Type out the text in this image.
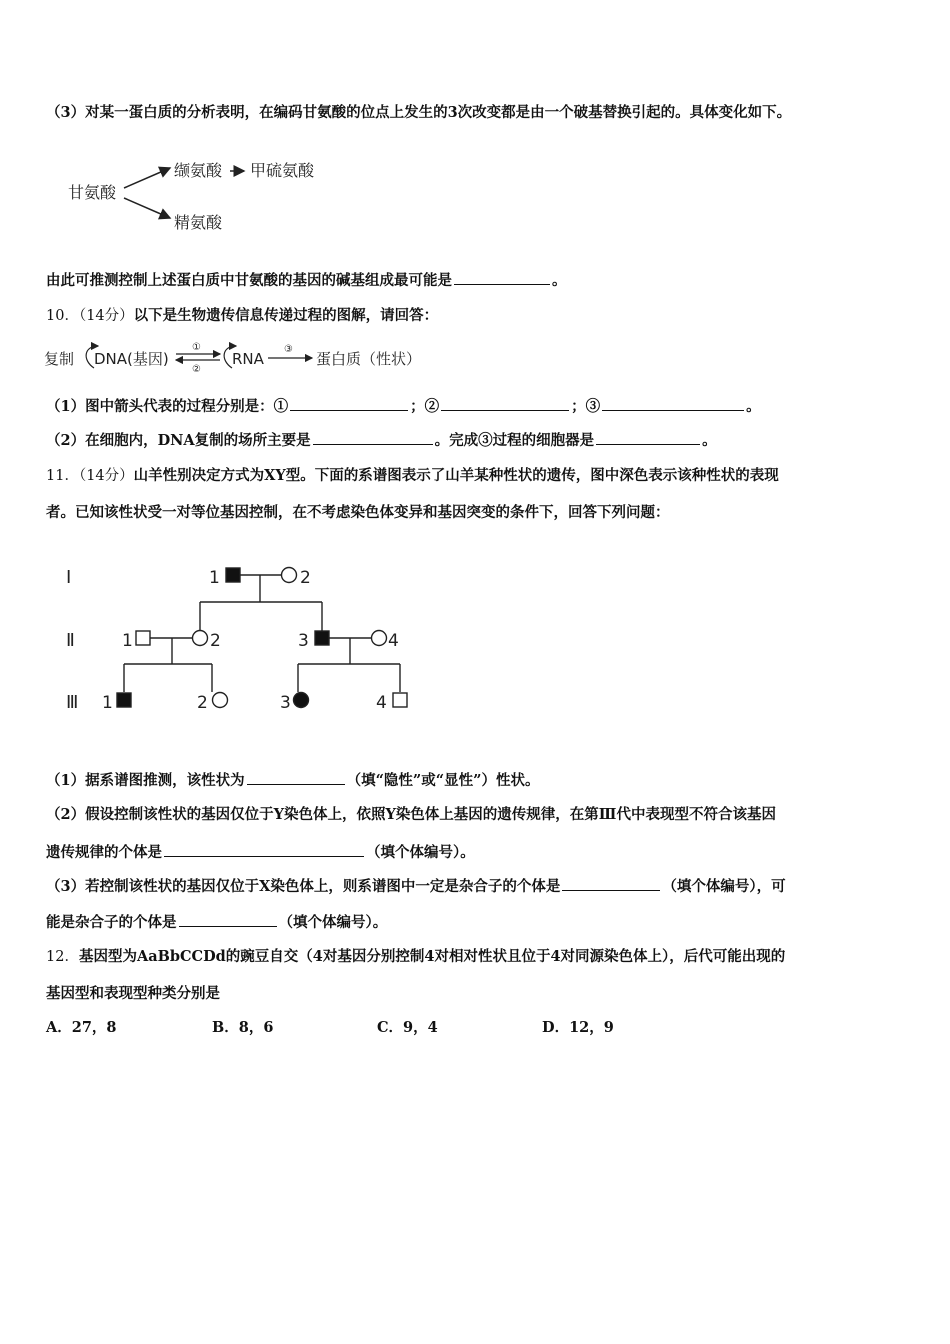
（3）对某一蛋白质的分析表明，在编码甘氨酸的位点上发生的3次改变都是由一个破基替换引起的。具体变化如下。
甘氨酸
缬氨酸 甲硫氨酸
精氨酸
由此可推测控制上述蛋白质中甘氨酸的基因的碱基组成最可能是	。
10．（14分）以下是生物遗传信息传递过程的图解，请回答：
复制 DNA(基因)
①
②
RNA
③
蛋白质（性状）
（1）图中箭头代表的过程分别是：①	；②	；③	。
（2）在细胞内，DNA复制的场所主要是	。完成③过程的细胞器是	。
11．（14分）山羊性别决定方式为XY型。下面的系谱图表示了山羊某种性状的遗传，图中深色表示该种性状的表现
者。已知该性状受一对等位基因控制，在不考虑染色体变异和基因突变的条件下，回答下列问题：
Ⅰ
Ⅱ
Ⅲ
1	2
1	2	3	4
1	2	3	4
（1）据系谱图推测，该性状为	（填“隐性”或“显性”）性状。
（2）假设控制该性状的基因仅位于Y染色体上，依照Y染色体上基因的遗传规律，在第Ⅲ代中表现型不符合该基因
遗传规律的个体是	（填个体编号）。
（3）若控制该性状的基因仅位于X染色体上，则系谱图中一定是杂合子的个体是	（填个体编号），可
能是杂合子的个体是	（填个体编号）。
12．基因型为AaBbCCDd的豌豆自交（4对基因分别控制4对相对性状且位于4对同源染色体上），后代可能出现的
基因型和表现型种类分别是
A．27，8	B．8，6	C．9，4	D．12，9
